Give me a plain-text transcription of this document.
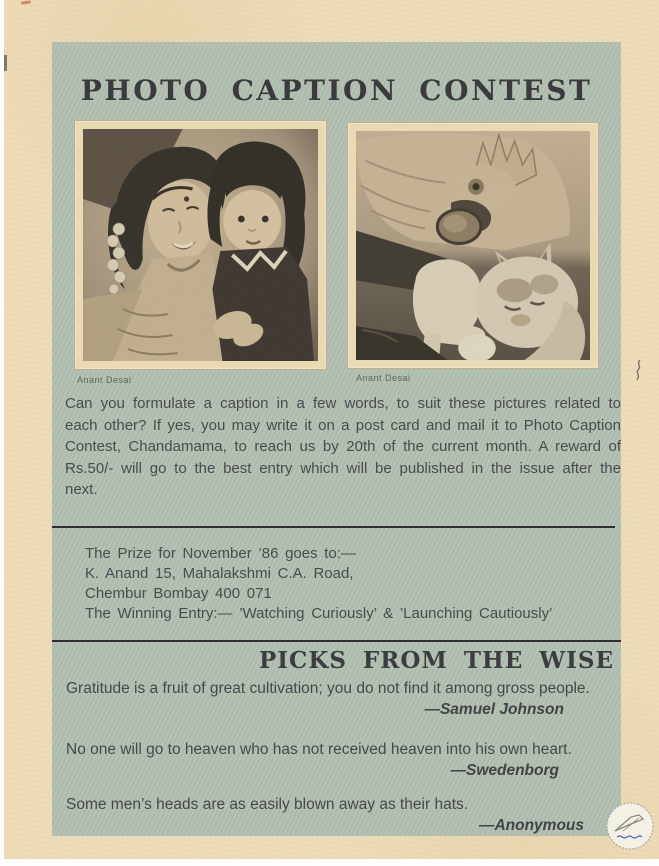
PHOTO CAPTION CONTEST
Anant Desai	Anant Desai
Can you formulate a caption in a few words, to suit these pictures related to each other? If yes, you may write it on a post card and mail it to Photo Caption Contest, Chandamama, to reach us by 20th of the current month. A reward of Rs.50/- will go to the best entry which will be published in the issue after the next.
The Prize for November ’86 goes to:—
K. Anand 15, Mahalakshmi C.A. Road,
Chembur Bombay 400 071
The Winning Entry:— ’Watching Curiously’ & ’Launching Cautiously’
PICKS FROM THE WISE
Gratitude is a fruit of great cultivation; you do not find it among gross people.
—Samuel Johnson
No one will go to heaven who has not received heaven into his own heart.
—Swedenborg
Some men’s heads are as easily blown away as their hats.
—Anonymous
